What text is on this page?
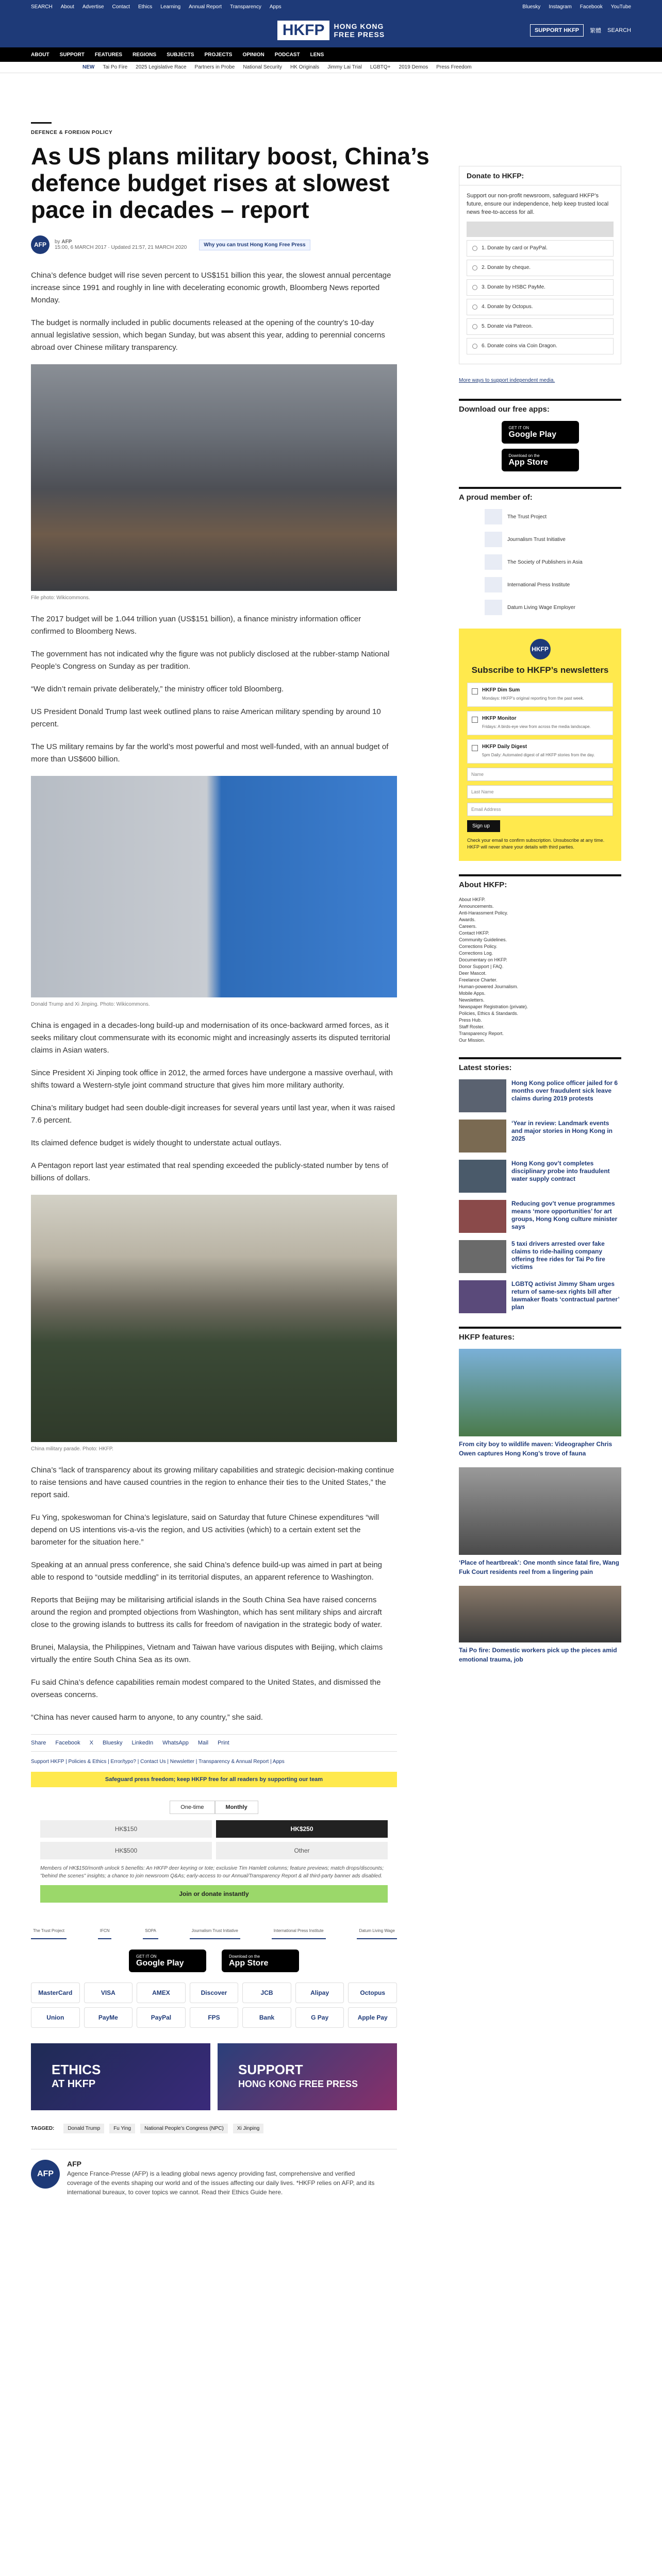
SEARCH About Advertise Contact Ethics Learning Annual Report Transparency Apps	Bluesky Instagram Facebook YouTube
HKFP	HONG KONG
FREE PRESS	SUPPORT HKFP	繁體 SEARCH
ABOUT SUPPORT FEATURES REGIONS SUBJECTS PROJECTS OPINION PODCAST LENS
NEW Tai Po Fire 2025 Legislative Race Partners in Probe National Security HK Originals Jimmy Lai Trial LGBTQ+ 2019 Demos Press Freedom
DEFENCE & FOREIGN POLICY
As US plans military boost, China’s defence budget rises at slowest pace in decades – report
AFP	by AFP
15:00, 6 MARCH 2017 · Updated 21:57, 21 MARCH 2020	Why you can trust Hong Kong Free Press

China’s defence budget will rise seven percent to US$151 billion this year, the slowest annual percentage increase since 1991 and roughly in line with decelerating economic growth, Bloomberg News reported Monday.

The budget is normally included in public documents released at the opening of the country’s 10-day annual legislative session, which began Sunday, but was absent this year, adding to perennial concerns abroad over Chinese military transparency.

File photo: Wikicommons.

The 2017 budget will be 1.044 trillion yuan (US$151 billion), a finance ministry information officer confirmed to Bloomberg News.

The government has not indicated why the figure was not publicly disclosed at the rubber-stamp National People’s Congress on Sunday as per tradition.

“We didn’t remain private deliberately,” the ministry officer told Bloomberg.

US President Donald Trump last week outlined plans to raise American military spending by around 10 percent.

The US military remains by far the world’s most powerful and most well-funded, with an annual budget of more than US$600 billion.

Donald Trump and Xi Jinping. Photo: Wikicommons.

China is engaged in a decades-long build-up and modernisation of its once-backward armed forces, as it seeks military clout commensurate with its economic might and increasingly asserts its disputed territorial claims in Asian waters.

Since President Xi Jinping took office in 2012, the armed forces have undergone a massive overhaul, with shifts toward a Western-style joint command structure that gives him more military authority.

China’s military budget had seen double-digit increases for several years until last year, when it was raised 7.6 percent.

Its claimed defence budget is widely thought to understate actual outlays.

A Pentagon report last year estimated that real spending exceeded the publicly-stated number by tens of billions of dollars.

China military parade. Photo: HKFP.

China’s “lack of transparency about its growing military capabilities and strategic decision-making continue to raise tensions and have caused countries in the region to enhance their ties to the United States,” the report said.

Fu Ying, spokeswoman for China’s legislature, said on Saturday that future Chinese expenditures “will depend on US intentions vis-a-vis the region, and US activities (which) to a certain extent set the barometer for the situation here.”

Speaking at an annual press conference, she said China’s defence build-up was aimed in part at being able to respond to “outside meddling” in its territorial disputes, an apparent reference to Washington.

Reports that Beijing may be militarising artificial islands in the South China Sea have raised concerns around the region and prompted objections from Washington, which has sent military ships and aircraft close to the growing islands to buttress its calls for freedom of navigation in the strategic body of water.

Brunei, Malaysia, the Philippines, Vietnam and Taiwan have various disputes with Beijing, which claims virtually the entire South China Sea as its own.

Fu said China’s defence capabilities remain modest compared to the United States, and dismissed the overseas concerns.

“China has never caused harm to anyone, to any country,” she said.

Share Facebook X Bluesky LinkedIn WhatsApp Mail Print
Support HKFP | Policies & Ethics | Error/typo? | Contact Us | Newsletter | Transparency & Annual Report | Apps
Safeguard press freedom; keep HKFP free for all readers by supporting our team
One-time	Monthly
HK$150	HK$250
HK$500	Other
Members of HK$150/month unlock 5 benefits: An HKFP deer keyring or tote; exclusive Tim Hamlett columns; feature previews; match drops/discounts; "behind the scenes" insights; a chance to join newsroom Q&As; early-access to our Annual/Transparency Report & all third-party banner ads disabled.
Join or donate instantly
The Trust Project	IFCN	SOPA	Journalism Trust Initiative	International Press Institute	Datum Living Wage
GET IT ON
Google Play
Download on the
App Store
MasterCard	VISA	AMEX	Discover	JCB	Alipay	Octopus
Union	PayMe	PayPal	FPS	Bank	G Pay	Apple Pay
ETHICS
AT HKFP
SUPPORT
HONG KONG FREE PRESS
TAGGED:	Donald Trump	Fu Ying	National People’s Congress (NPC)	Xi Jinping
AFP
AFP

Agence France-Presse (AFP) is a leading global news agency providing fast, comprehensive and verified coverage of the events shaping our world and of the issues affecting our daily lives. *HKFP relies on AFP, and its international bureaux, to cover topics we cannot. Read their Ethics Guide here.

Donate to HKFP:

Support our non-profit newsroom, safeguard HKFP’s future, ensure our independence, help keep trusted local news free-to-access for all.

1. Donate by card or PayPal.
2. Donate by cheque.
3. Donate by HSBC PayMe.
4. Donate by Octopus.
5. Donate via Patreon.
6. Donate coins via Coin Dragon.
More ways to support independent media.
Download our free apps:
GET IT ON
Google Play
Download on the
App Store
A proud member of:
The Trust Project
Journalism Trust Initiative
The Society of Publishers in Asia
International Press Institute
Datum Living Wage Employer
HKFP
Subscribe to HKFP’s newsletters
HKFP Dim Sum
Mondays: HKFP’s original reporting from the past week.
HKFP Monitor
Fridays: A birds-eye view from across the media landscape.
HKFP Daily Digest
5pm Daily: Automated digest of all HKFP stories from the day.
Name
Last Name
Email Address
Sign up

Check your email to confirm subscription. Unsubscribe at any time. HKFP will never share your details with third parties.

About HKFP:
About HKFP.
Announcements.
Anti-Harassment Policy.
Awards.
Careers.
Contact HKFP.
Community Guidelines.
Corrections Policy.
Corrections Log.
Documentary on HKFP.
Donor Support | FAQ.
Deer Mascot.
Freelance Charter.
Human-powered Journalism.
Mobile Apps.
Newsletters.
Newspaper Registration (private).
Policies, Ethics & Standards.
Press Hub.
Staff Roster.
Transparency Report.
Our Mission.
Latest stories:
Hong Kong police officer jailed for 6 months over fraudulent sick leave claims during 2019 protests
‘Year in review: Landmark events and major stories in Hong Kong in 2025
Hong Kong gov’t completes disciplinary probe into fraudulent water supply contract
Reducing gov’t venue programmes means ‘more opportunities’ for art groups, Hong Kong culture minister says
5 taxi drivers arrested over fake claims to ride-hailing company offering free rides for Tai Po fire victims
LGBTQ activist Jimmy Sham urges return of same-sex rights bill after lawmaker floats ‘contractual partner’ plan
HKFP features:
From city boy to wildlife maven: Videographer Chris Owen captures Hong Kong’s trove of fauna
‘Place of heartbreak’: One month since fatal fire, Wang Fuk Court residents reel from a lingering pain
Tai Po fire: Domestic workers pick up the pieces amid emotional trauma, job
